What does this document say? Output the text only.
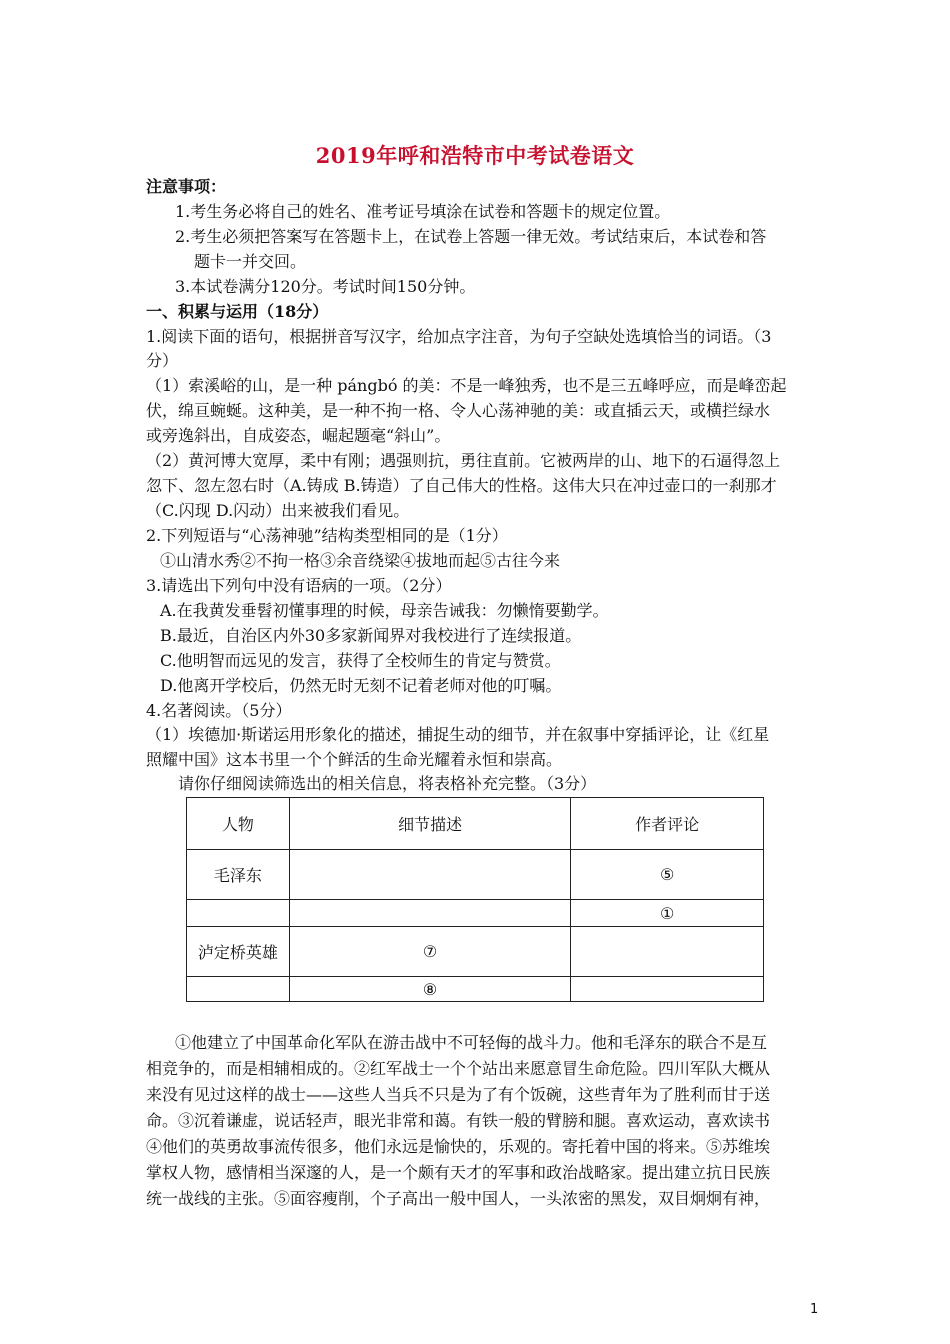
2019年呼和浩特市中考试卷语文
注意事项：
1.考生务必将自己的姓名、准考证号填涂在试卷和答题卡的规定位置。
2.考生必须把答案写在答题卡上，在试卷上答题一律无效。考试结束后，本试卷和答
题卡一并交回。
3.本试卷满分120分。考试时间150分钟。
一、积累与运用（18分）
1.阅读下面的语句，根据拼音写汉字，给加点字注音，为句子空缺处选填恰当的词语。（3
分）
（1）索溪峪的山，是一种 pángbó 的美：不是一峰独秀，也不是三五峰呼应，而是峰峦起
伏，绵亘蜿蜒。这种美，是一种不拘一格、令人心荡神驰的美：或直插云天，或横拦绿水
或旁逸斜出，自成姿态，崛起题毫“斜山”。
（2）黄河博大宽厚，柔中有刚；遇强则抗，勇往直前。它被两岸的山、地下的石逼得忽上
忽下、忽左忽右时（A.铸成 B.铸造）了自己伟大的性格。这伟大只在冲过壶口的一刹那才
（C.闪现 D.闪动）出来被我们看见。
2.下列短语与“心荡神驰”结构类型相同的是（1分）
①山清水秀②不拘一格③余音绕梁④拔地而起⑤古往今来
3.请选出下列句中没有语病的一项。（2分）
A.在我黄发垂髫初懂事理的时候，母亲告诫我：勿懒惰要勤学。
B.最近，自治区内外30多家新闻界对我校进行了连续报道。
C.他明智而远见的发言，获得了全校师生的肯定与赞赏。
D.他离开学校后，仍然无时无刻不记着老师对他的叮嘱。
4.名著阅读。（5分）
（1）埃德加·斯诺运用形象化的描述，捕捉生动的细节，并在叙事中穿插评论，让《红星
照耀中国》这本书里一个个鲜活的生命光耀着永恒和崇高。
请你仔细阅读筛选出的相关信息，将表格补充完整。（3分）
人物	细节描述	作者评论
毛泽东		⑤
		①
泸定桥英雄	⑦	
	⑧	
①他建立了中国革命化军队在游击战中不可轻侮的战斗力。他和毛泽东的联合不是互
相竞争的，而是相辅相成的。②红军战士一个个站出来愿意冒生命危险。四川军队大概从
来没有见过这样的战士——这些人当兵不只是为了有个饭碗，这些青年为了胜利而甘于送
命。③沉着谦虚，说话轻声，眼光非常和蔼。有铁一般的臂膀和腿。喜欢运动，喜欢读书
④他们的英勇故事流传很多，他们永远是愉快的，乐观的。寄托着中国的将来。⑤苏维埃
掌权人物，感情相当深邃的人，是一个颇有天才的军事和政治战略家。提出建立抗日民族
统一战线的主张。⑤面容瘦削，个子高出一般中国人，一头浓密的黑发，双目炯炯有神，
1
